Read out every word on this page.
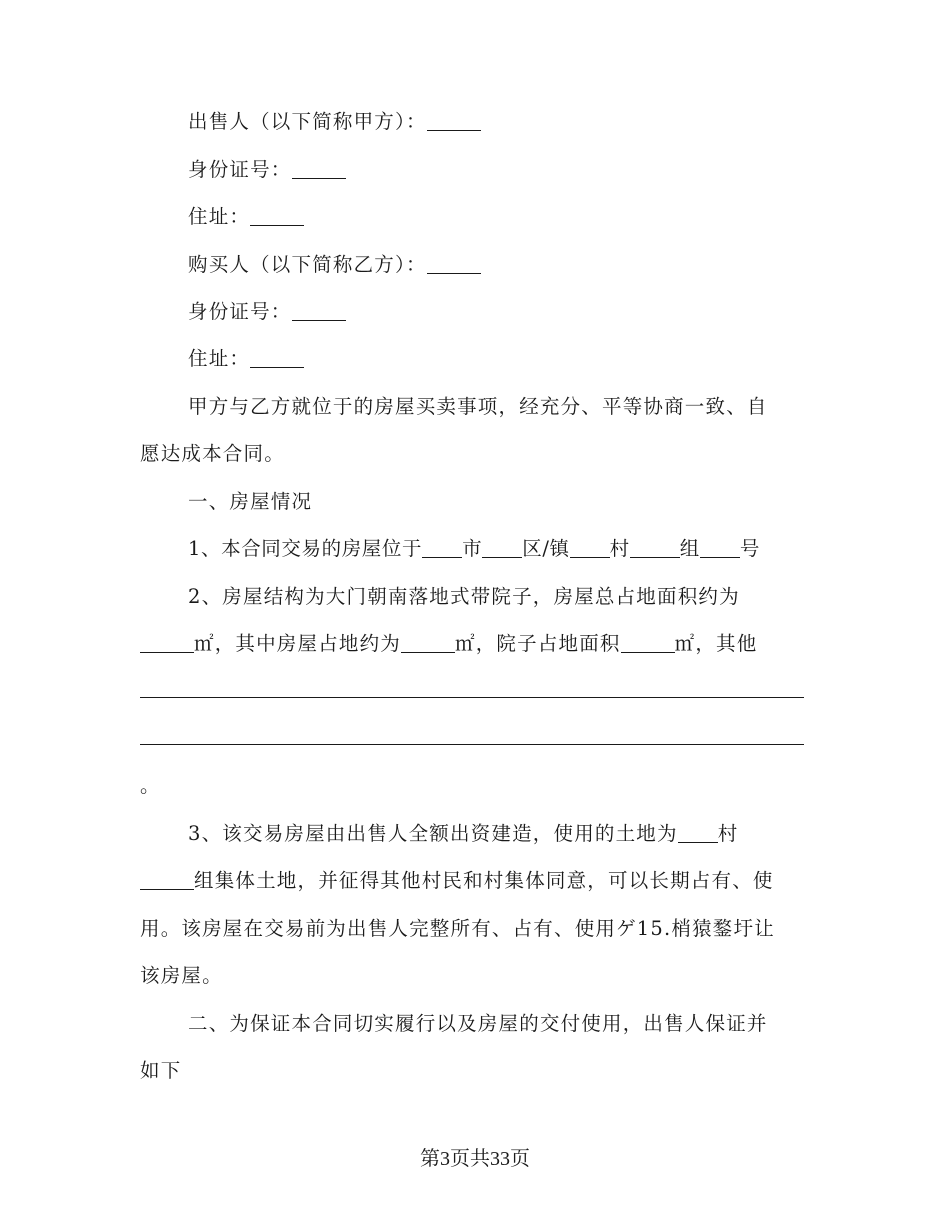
出售人（以下简称甲方）：
身份证号：
住址：
购买人（以下简称乙方）：
身份证号：
住址：
甲方与乙方就位于的房屋买卖事项，经充分、平等协商一致、自
愿达成本合同。
一、房屋情况
1、本合同交易的房屋位于 市 区/镇 村	组 号
2、房屋结构为大门朝南落地式带院子，房屋总占地面积约为
㎡，其中房屋占地约为	㎡，院子占地面积	㎡，其他
。
3、该交易房屋由出售人全额出资建造，使用的土地为 村
组集体土地，并征得其他村民和村集体同意，可以长期占有、使
用。该房屋在交易前为出售人完整所有、占有、使用ゲ15.梢猿鍪圩让
该房屋。
二、为保证本合同切实履行以及房屋的交付使用，出售人保证并
如下
第3页共33页
